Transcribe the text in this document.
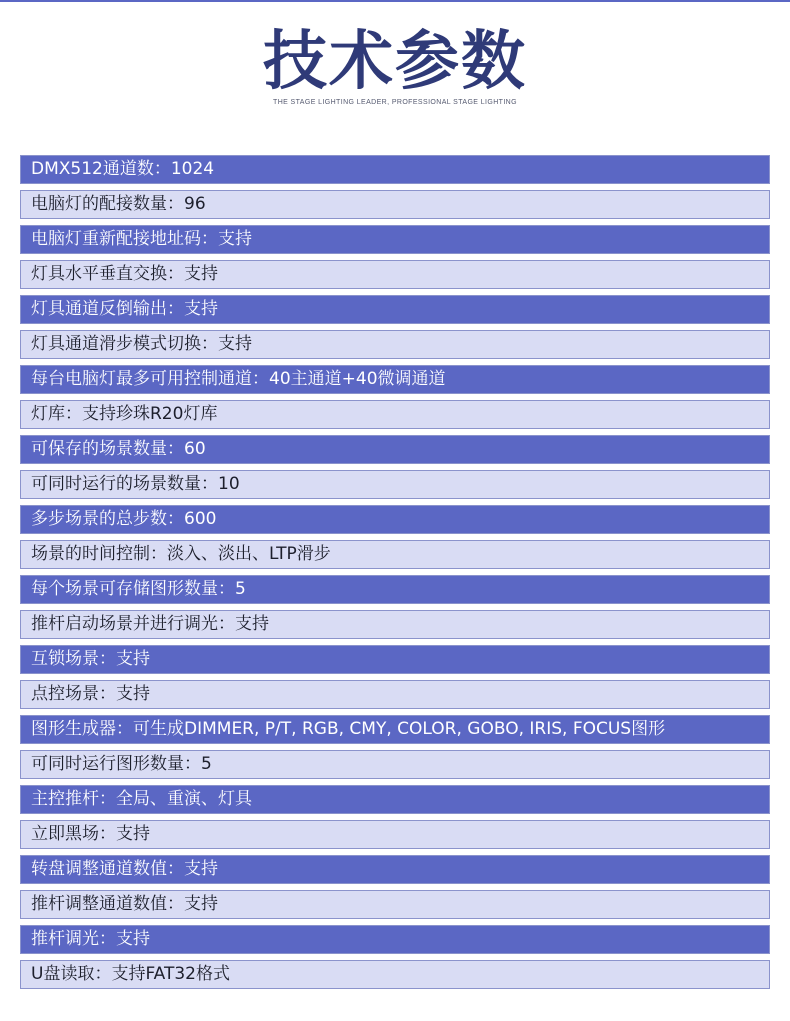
技术参数
THE STAGE LIGHTING LEADER, PROFESSIONAL STAGE LIGHTING
DMX512通道数：1024
电脑灯的配接数量：96
电脑灯重新配接地址码：支持
灯具水平垂直交换：支持
灯具通道反倒输出：支持
灯具通道滑步模式切换：支持
每台电脑灯最多可用控制通道：40主通道+40微调通道
灯库：支持珍珠R20灯库
可保存的场景数量：60
可同时运行的场景数量：10
多步场景的总步数：600
场景的时间控制：淡入、淡出、LTP滑步
每个场景可存储图形数量：5
推杆启动场景并进行调光：支持
互锁场景：支持
点控场景：支持
图形生成器：可生成DIMMER, P/T, RGB, CMY, COLOR, GOBO, IRIS, FOCUS图形
可同时运行图形数量：5
主控推杆：全局、重演、灯具
立即黑场：支持
转盘调整通道数值：支持
推杆调整通道数值：支持
推杆调光：支持
U盘读取：支持FAT32格式
